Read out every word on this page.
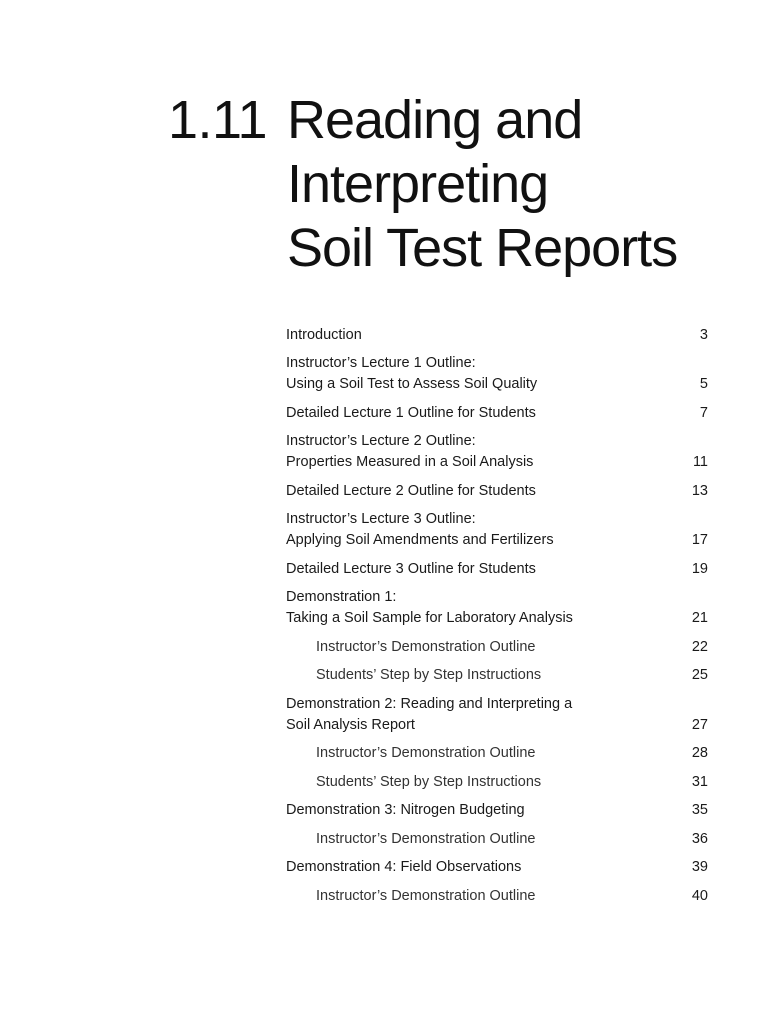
1.11 Reading and
Interpreting
Soil Test Reports
Introduction	3
Instructor’s Lecture 1 Outline:
Using a Soil Test to Assess Soil Quality	5
Detailed Lecture 1 Outline for Students	7
Instructor’s Lecture 2 Outline:
Properties Measured in a Soil Analysis	11
Detailed Lecture 2 Outline for Students	13
Instructor’s Lecture 3 Outline:
Applying Soil Amendments and Fertilizers	17
Detailed Lecture 3 Outline for Students	19
Demonstration 1:
Taking a Soil Sample for Laboratory Analysis	21
Instructor’s Demonstration Outline	22
Students’ Step by Step Instructions	25
Demonstration 2: Reading and Interpreting a
Soil Analysis Report	27
Instructor’s Demonstration Outline	28
Students’ Step by Step Instructions	31
Demonstration 3: Nitrogen Budgeting	35
Instructor’s Demonstration Outline	36
Demonstration 4: Field Observations	39
Instructor’s Demonstration Outline	40
